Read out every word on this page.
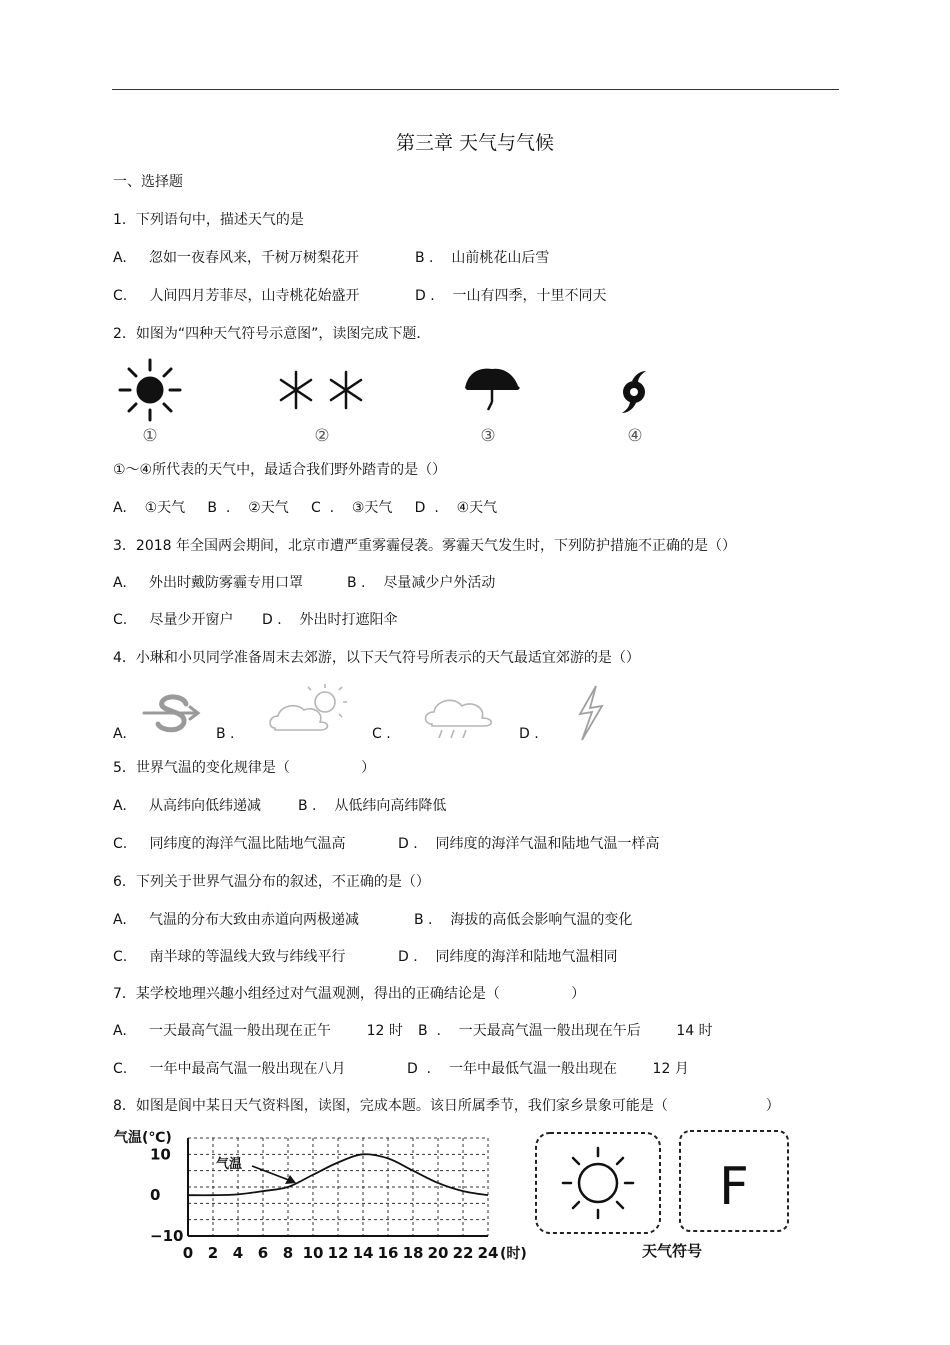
第三章 天气与气候
一、选择题
1．下列语句中，描述天气的是
A. 忽如一夜春风来，千树万树梨花开	B . 山前桃花山后雪
C. 人间四月芳菲尽，山寺桃花始盛开	D . 一山有四季，十里不同天
2．如图为“四种天气符号示意图”，读图完成下题．
①	②	③	④
①～④所代表的天气中，最适合我们野外踏青的是（）
A.    ①天气     B  .    ②天气     C  .    ③天气     D  .    ④天气
3．2018 年全国两会期间，北京市遭严重雾霾侵袭。雾霾天气发生时，下列防护措施不正确的是（）
A. 外出时戴防雾霾专用口罩	B . 尽量减少户外活动
C. 尽量少开窗户 D . 外出时打遮阳伞
4．小琳和小贝同学准备周末去郊游，以下天气符号所表示的天气最适宜郊游的是（）
A.	B .	C .	D .
5．世界气温的变化规律是（                ）
A. 从高纬向低纬递减	B . 从低纬向高纬降低
C. 同纬度的海洋气温比陆地气温高	D . 同纬度的海洋气温和陆地气温一样高
6．下列关于世界气温分布的叙述，不正确的是（）
A. 气温的分布大致由赤道向两极递减	B . 海拔的高低会影响气温的变化
C. 南半球的等温线大致与纬线平行	D . 同纬度的海洋和陆地气温相同
7．某学校地理兴趣小组经过对气温观测，得出的正确结论是（                ）
A. 一天最高气温一般出现在正午        12 时 B  . 一天最高气温一般出现在午后        14 时
C. 一年中最高气温一般出现在八月	D  . 一年中最低气温一般出现在        12 月
8．如图是阆中某日天气资料图，读图，完成本题。该日所属季节，我们家乡景象可能是（                      ）
气温(℃)
10
0
−10
0 2 4 6 8 10 12 14 16 18 20 22 24
气温
(时)
F
天气符号
